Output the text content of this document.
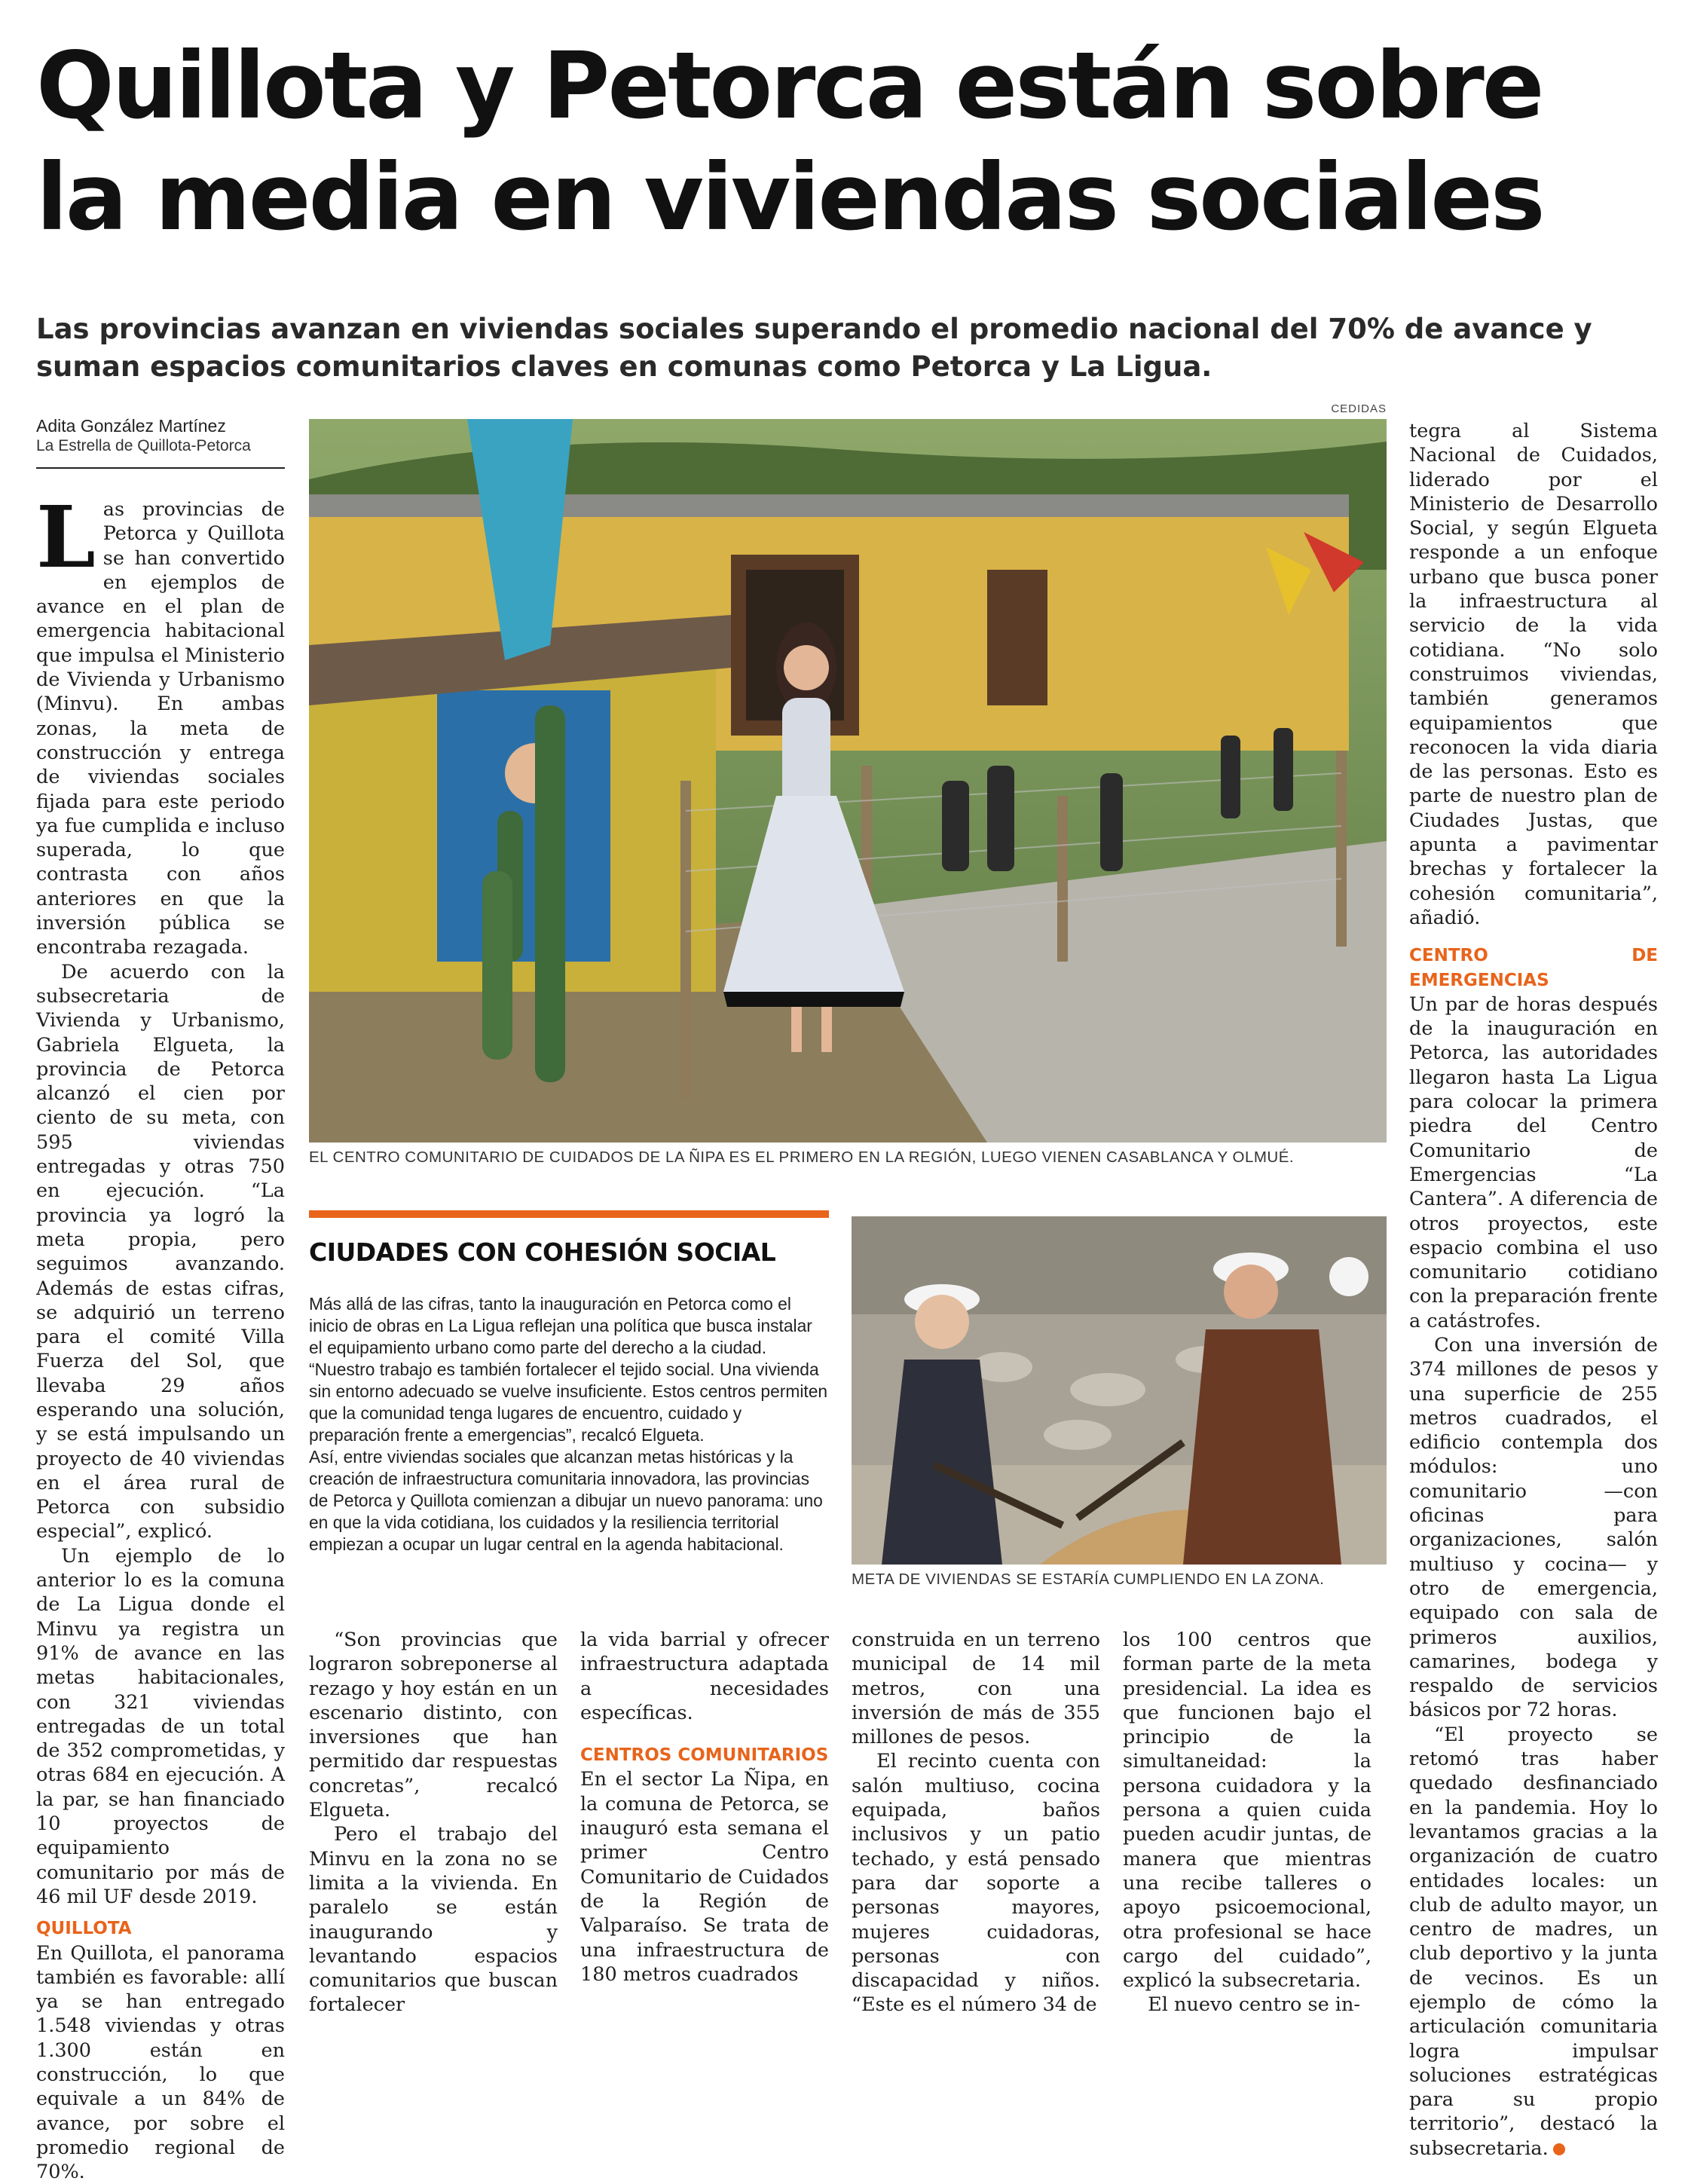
Quillota y Petorca están sobre la media en viviendas sociales

Las provincias avanzan en viviendas sociales superando el promedio nacional del 70% de avance y suman espacios comunitarios claves en comunas como Petorca y La Ligua.

Adita González Martínez
La Estrella de Quillota-Petorca

Las provincias de Petorca y Quillota se han convertido en ejemplos de avance en el plan de emergencia habitacional que impulsa el Ministerio de Vivienda y Urbanismo (Minvu). En ambas zonas, la meta de construcción y entrega de viviendas sociales fijada para este periodo ya fue cumplida e incluso superada, lo que contrasta con años anteriores en que la inversión pública se encontraba rezagada.

De acuerdo con la subsecretaria de Vivienda y Urbanismo, Gabriela Elgueta, la provincia de Petorca alcanzó el cien por ciento de su meta, con 595 viviendas entregadas y otras 750 en ejecución. “La provincia ya logró la meta propia, pero seguimos avanzando. Además de estas cifras, se adquirió un terreno para el comité Villa Fuerza del Sol, que llevaba 29 años esperando una solución, y se está impulsando un proyecto de 40 viviendas en el área rural de Petorca con subsidio especial”, explicó.

Un ejemplo de lo anterior lo es la comuna de La Ligua donde el Minvu ya registra un 91% de avance en las metas habitacionales, con 321 viviendas entregadas de un total de 352 comprometidas, y otras 684 en ejecución. A la par, se han financiado 10 proyectos de equipamiento comunitario por más de 46 mil UF desde 2019.

QUILLOTA

En Quillota, el panorama también es favorable: allí ya se han entregado 1.548 viviendas y otras 1.300 están en construcción, lo que equivale a un 84% de avance, por sobre el promedio regional de 70%.

CEDIDAS
EL CENTRO COMUNITARIO DE CUIDADOS DE LA ÑIPA ES EL PRIMERO EN LA REGIÓN, LUEGO VIENEN CASABLANCA Y OLMUÉ.
CIUDADES CON COHESIÓN SOCIAL

Más allá de las cifras, tanto la inauguración en Petorca como el inicio de obras en La Ligua reflejan una política que busca instalar el equipamiento urbano como parte del derecho a la ciudad. “Nuestro trabajo es también fortalecer el tejido social. Una vivienda sin entorno adecuado se vuelve insuficiente. Estos centros permiten que la comunidad tenga lugares de encuentro, cuidado y preparación frente a emergencias”, recalcó Elgueta.

Así, entre viviendas sociales que alcanzan metas históricas y la creación de infraestructura comunitaria innovadora, las provincias de Petorca y Quillota comienzan a dibujar un nuevo panorama: uno en que la vida cotidiana, los cuidados y la resiliencia territorial empiezan a ocupar un lugar central en la agenda habitacional.

META DE VIVIENDAS SE ESTARÍA CUMPLIENDO EN LA ZONA.

“Son provincias que lograron sobreponerse al rezago y hoy están en un escenario distinto, con inversiones que han permitido dar respuestas concretas”, recalcó Elgueta.

Pero el trabajo del Minvu en la zona no se limita a la vivienda. En paralelo se están inaugurando y levantando espacios comunitarios que buscan fortalecer

la vida barrial y ofrecer infraestructura adaptada a necesidades específicas.

CENTROS COMUNITARIOS

En el sector La Ñipa, en la comuna de Petorca, se inauguró esta semana el primer Centro Comunitario de Cuidados de la Región de Valparaíso. Se trata de una infraestructura de 180 metros cuadrados

construida en un terreno municipal de 14 mil metros, con una inversión de más de 355 millones de pesos.

El recinto cuenta con salón multiuso, cocina equipada, baños inclusivos y un patio techado, y está pensado para dar soporte a personas mayores, mujeres cuidadoras, personas con discapacidad y niños. “Este es el número 34 de

los 100 centros que forman parte de la meta presidencial. La idea es que funcionen bajo el principio de la simultaneidad: la persona cuidadora y la persona a quien cuida pueden acudir juntas, de manera que mientras una recibe talleres o apoyo psicoemocional, otra profesional se hace cargo del cuidado”, explicó la subsecretaria.

El nuevo centro se in-

tegra al Sistema Nacional de Cuidados, liderado por el Ministerio de Desarrollo Social, y según Elgueta responde a un enfoque urbano que busca poner la infraestructura al servicio de la vida cotidiana. “No solo construimos viviendas, también generamos equipamientos que reconocen la vida diaria de las personas. Esto es parte de nuestro plan de Ciudades Justas, que apunta a pavimentar brechas y fortalecer la cohesión comunitaria”, añadió.

CENTRO DE EMERGENCIAS

Un par de horas después de la inauguración en Petorca, las autoridades llegaron hasta La Ligua para colocar la primera piedra del Centro Comunitario de Emergencias “La Cantera”. A diferencia de otros proyectos, este espacio combina el uso comunitario cotidiano con la preparación frente a catástrofes.

Con una inversión de 374 millones de pesos y una superficie de 255 metros cuadrados, el edificio contempla dos módulos: uno comunitario —con oficinas para organizaciones, salón multiuso y cocina— y otro de emergencia, equipado con sala de primeros auxilios, camarines, bodega y respaldo de servicios básicos por 72 horas.

“El proyecto se retomó tras haber quedado desfinanciado en la pandemia. Hoy lo levantamos gracias a la organización de cuatro entidades locales: un club de adulto mayor, un centro de madres, un club deportivo y la junta de vecinos. Es un ejemplo de cómo la articulación comunitaria logra impulsar soluciones estratégicas para su propio territorio”, destacó la subsecretaria.
